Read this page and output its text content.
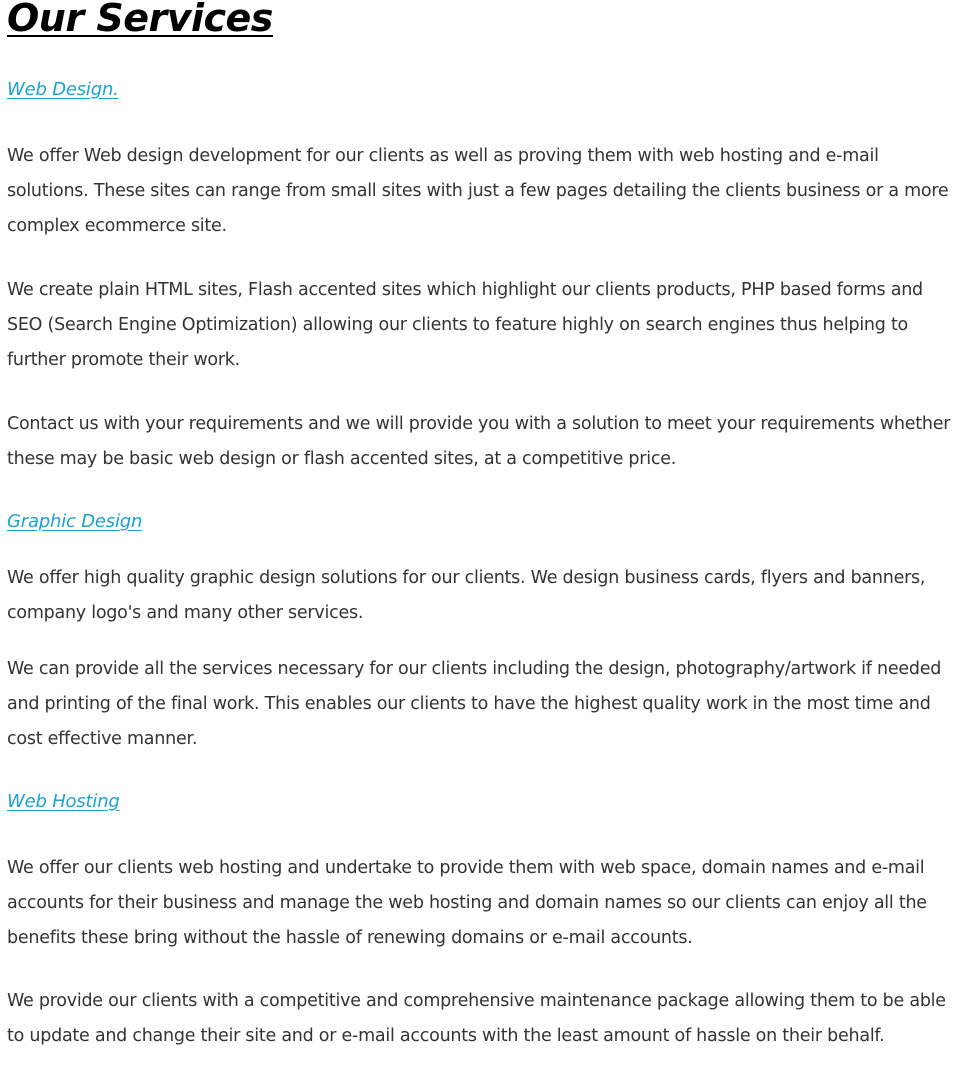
Our Services
Web Design.

We offer Web design development for our clients as well as proving them with web hosting and e-mail solutions. These sites can range from small sites with just a few pages detailing the clients business or a more complex ecommerce site.

We create plain HTML sites, Flash accented sites which highlight our clients products, PHP based forms and SEO (Search Engine Optimization) allowing our clients to feature highly on search engines thus helping to further promote their work.

Contact us with your requirements and we will provide you with a solution to meet your requirements whether these may be basic web design or flash accented sites, at a competitive price.

Graphic Design

We offer high quality graphic design solutions for our clients. We design business cards, flyers and banners, company logo's and many other services.

We can provide all the services necessary for our clients including the design, photography/artwork if needed and printing of the final work. This enables our clients to have the highest quality work in the most time and cost effective manner.

Web Hosting

We offer our clients web hosting and undertake to provide them with web space, domain names and e-mail accounts for their business and manage the web hosting and domain names so our clients can enjoy all the benefits these bring without the hassle of renewing domains or e-mail accounts.

We provide our clients with a competitive and comprehensive maintenance package allowing them to be able to update and change their site and or e-mail accounts with the least amount of hassle on their behalf.
